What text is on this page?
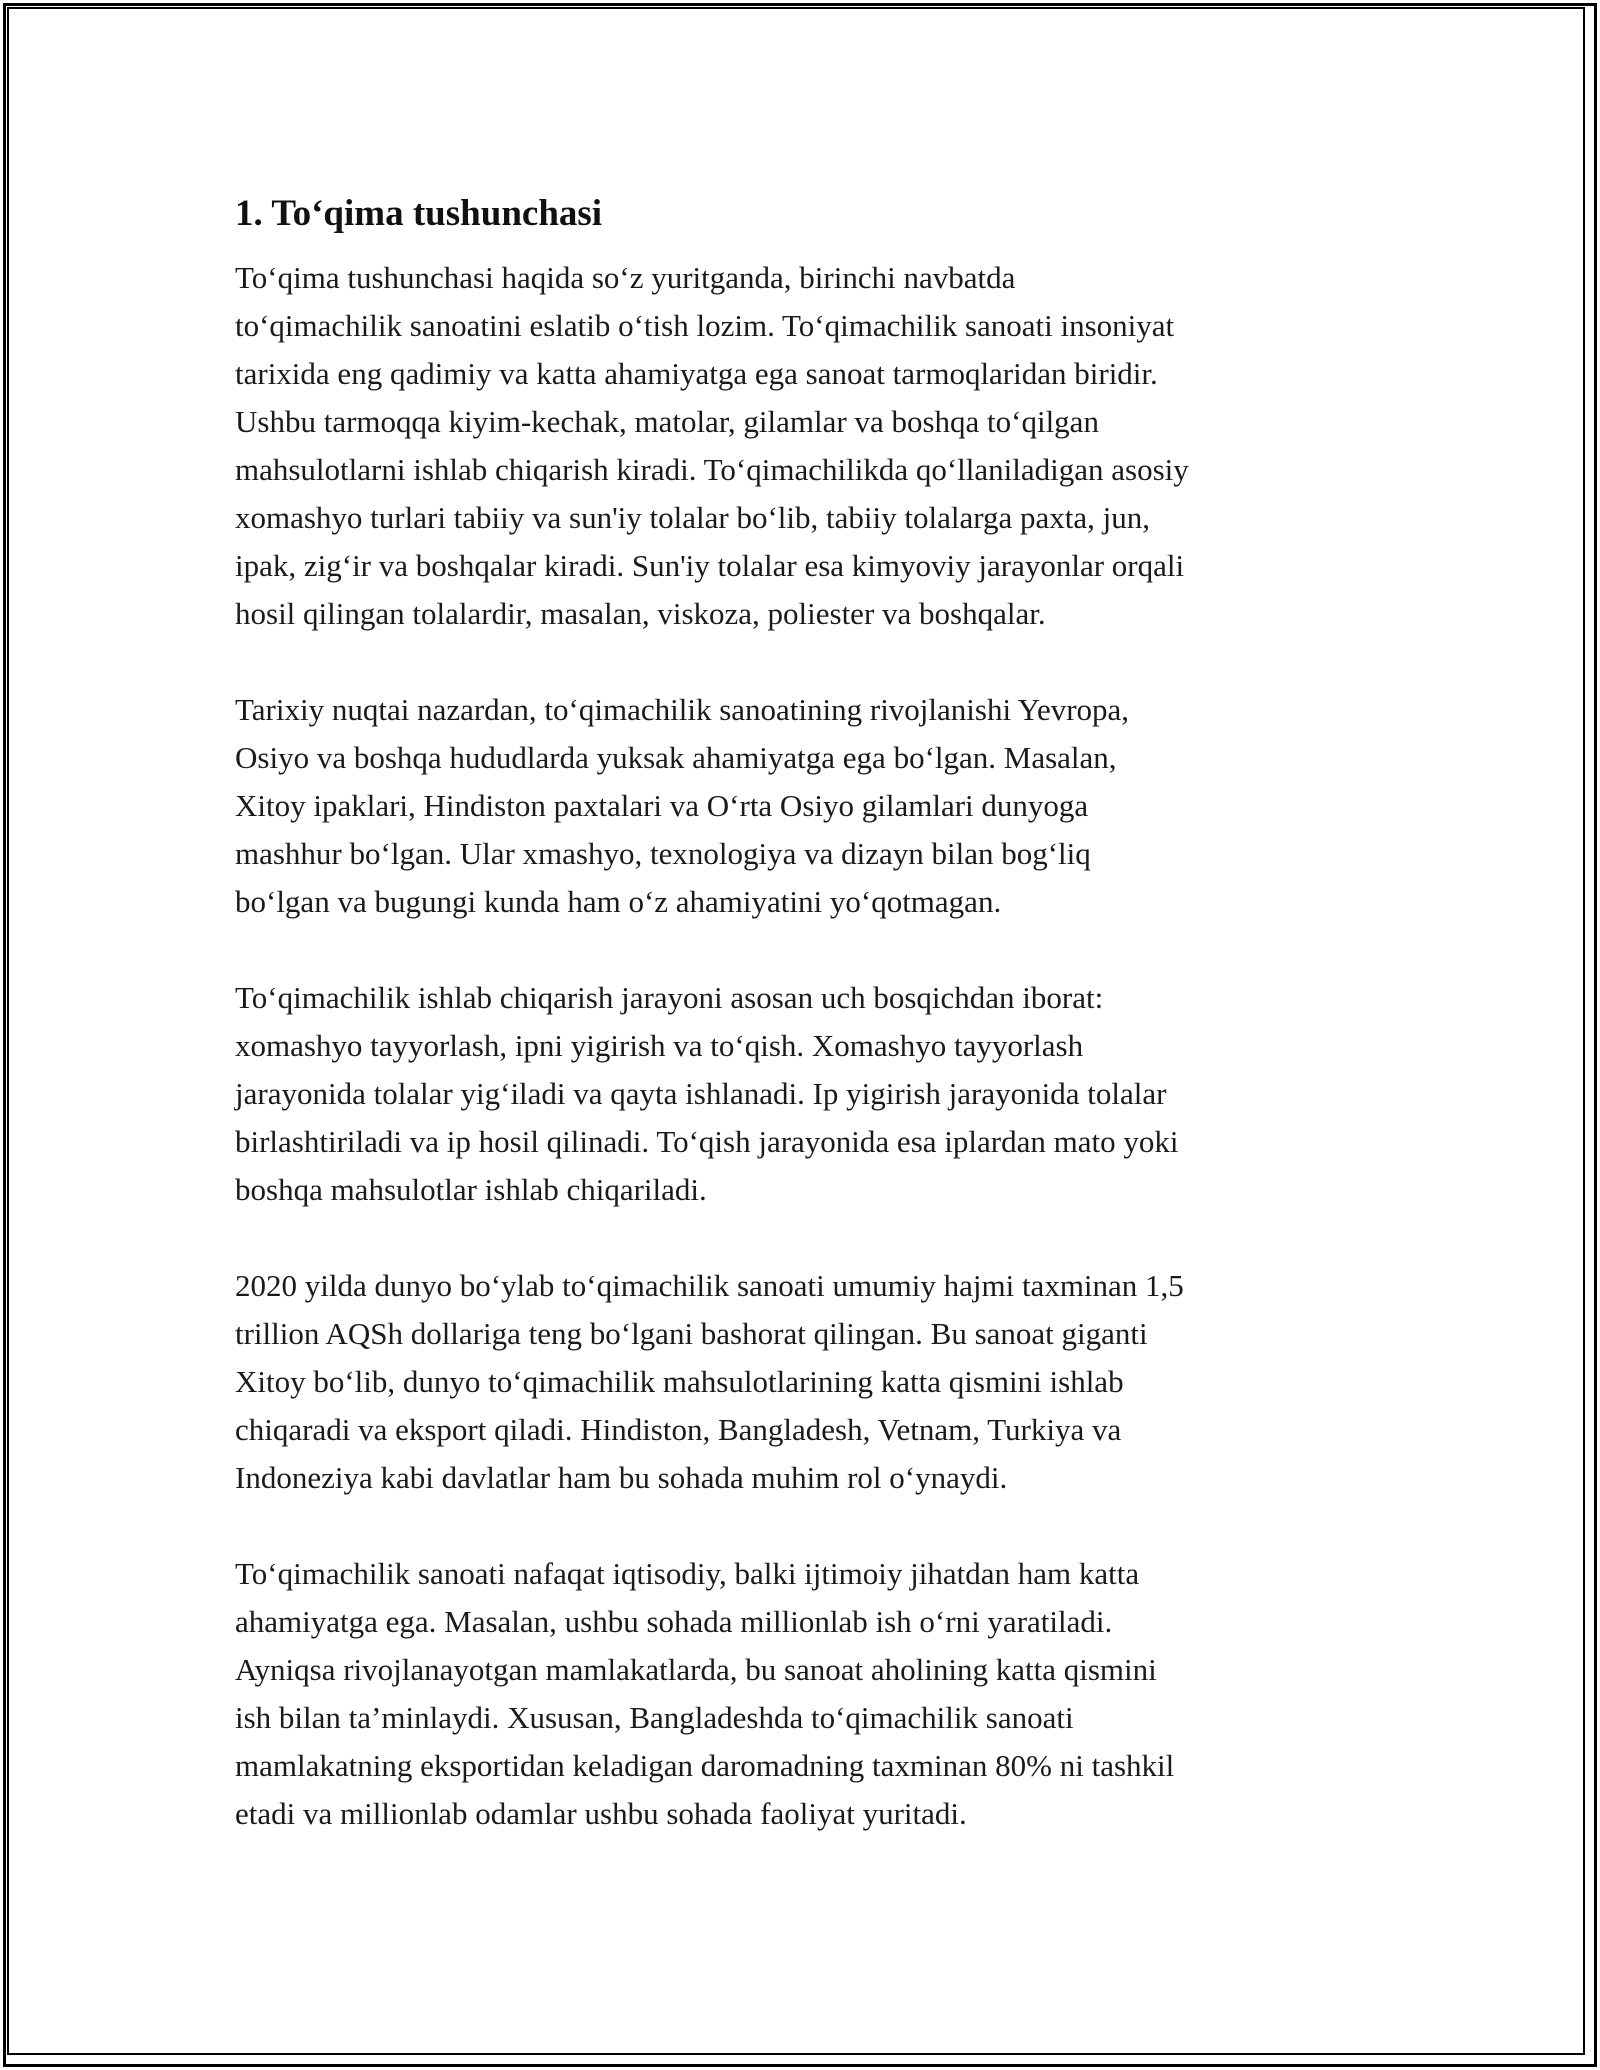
1. To‘qima tushunchasi
To‘qima tushunchasi haqida so‘z yuritganda, birinchi navbatda
to‘qimachilik sanoatini eslatib o‘tish lozim. To‘qimachilik sanoati insoniyat
tarixida eng qadimiy va katta ahamiyatga ega sanoat tarmoqlaridan biridir.
Ushbu tarmoqqa kiyim-kechak, matolar, gilamlar va boshqa to‘qilgan
mahsulotlarni ishlab chiqarish kiradi. To‘qimachilikda qo‘llaniladigan asosiy
xomashyo turlari tabiiy va sun'iy tolalar bo‘lib, tabiiy tolalarga paxta, jun,
ipak, zig‘ir va boshqalar kiradi. Sun'iy tolalar esa kimyoviy jarayonlar orqali
hosil qilingan tolalardir, masalan, viskoza, poliester va boshqalar.
Tarixiy nuqtai nazardan, to‘qimachilik sanoatining rivojlanishi Yevropa,
Osiyo va boshqa hududlarda yuksak ahamiyatga ega bo‘lgan. Masalan,
Xitoy ipaklari, Hindiston paxtalari va O‘rta Osiyo gilamlari dunyoga
mashhur bo‘lgan. Ular xmashyo, texnologiya va dizayn bilan bog‘liq
bo‘lgan va bugungi kunda ham o‘z ahamiyatini yo‘qotmagan.
To‘qimachilik ishlab chiqarish jarayoni asosan uch bosqichdan iborat:
xomashyo tayyorlash, ipni yigirish va to‘qish. Xomashyo tayyorlash
jarayonida tolalar yig‘iladi va qayta ishlanadi. Ip yigirish jarayonida tolalar
birlashtiriladi va ip hosil qilinadi. To‘qish jarayonida esa iplardan mato yoki
boshqa mahsulotlar ishlab chiqariladi.
2020 yilda dunyo bo‘ylab to‘qimachilik sanoati umumiy hajmi taxminan 1,5
trillion AQSh dollariga teng bo‘lgani bashorat qilingan. Bu sanoat giganti
Xitoy bo‘lib, dunyo to‘qimachilik mahsulotlarining katta qismini ishlab
chiqaradi va eksport qiladi. Hindiston, Bangladesh, Vetnam, Turkiya va
Indoneziya kabi davlatlar ham bu sohada muhim rol o‘ynaydi.
To‘qimachilik sanoati nafaqat iqtisodiy, balki ijtimoiy jihatdan ham katta
ahamiyatga ega. Masalan, ushbu sohada millionlab ish o‘rni yaratiladi.
Ayniqsa rivojlanayotgan mamlakatlarda, bu sanoat aholining katta qismini
ish bilan ta’minlaydi. Xususan, Bangladeshda to‘qimachilik sanoati
mamlakatning eksportidan keladigan daromadning taxminan 80% ni tashkil
etadi va millionlab odamlar ushbu sohada faoliyat yuritadi.
